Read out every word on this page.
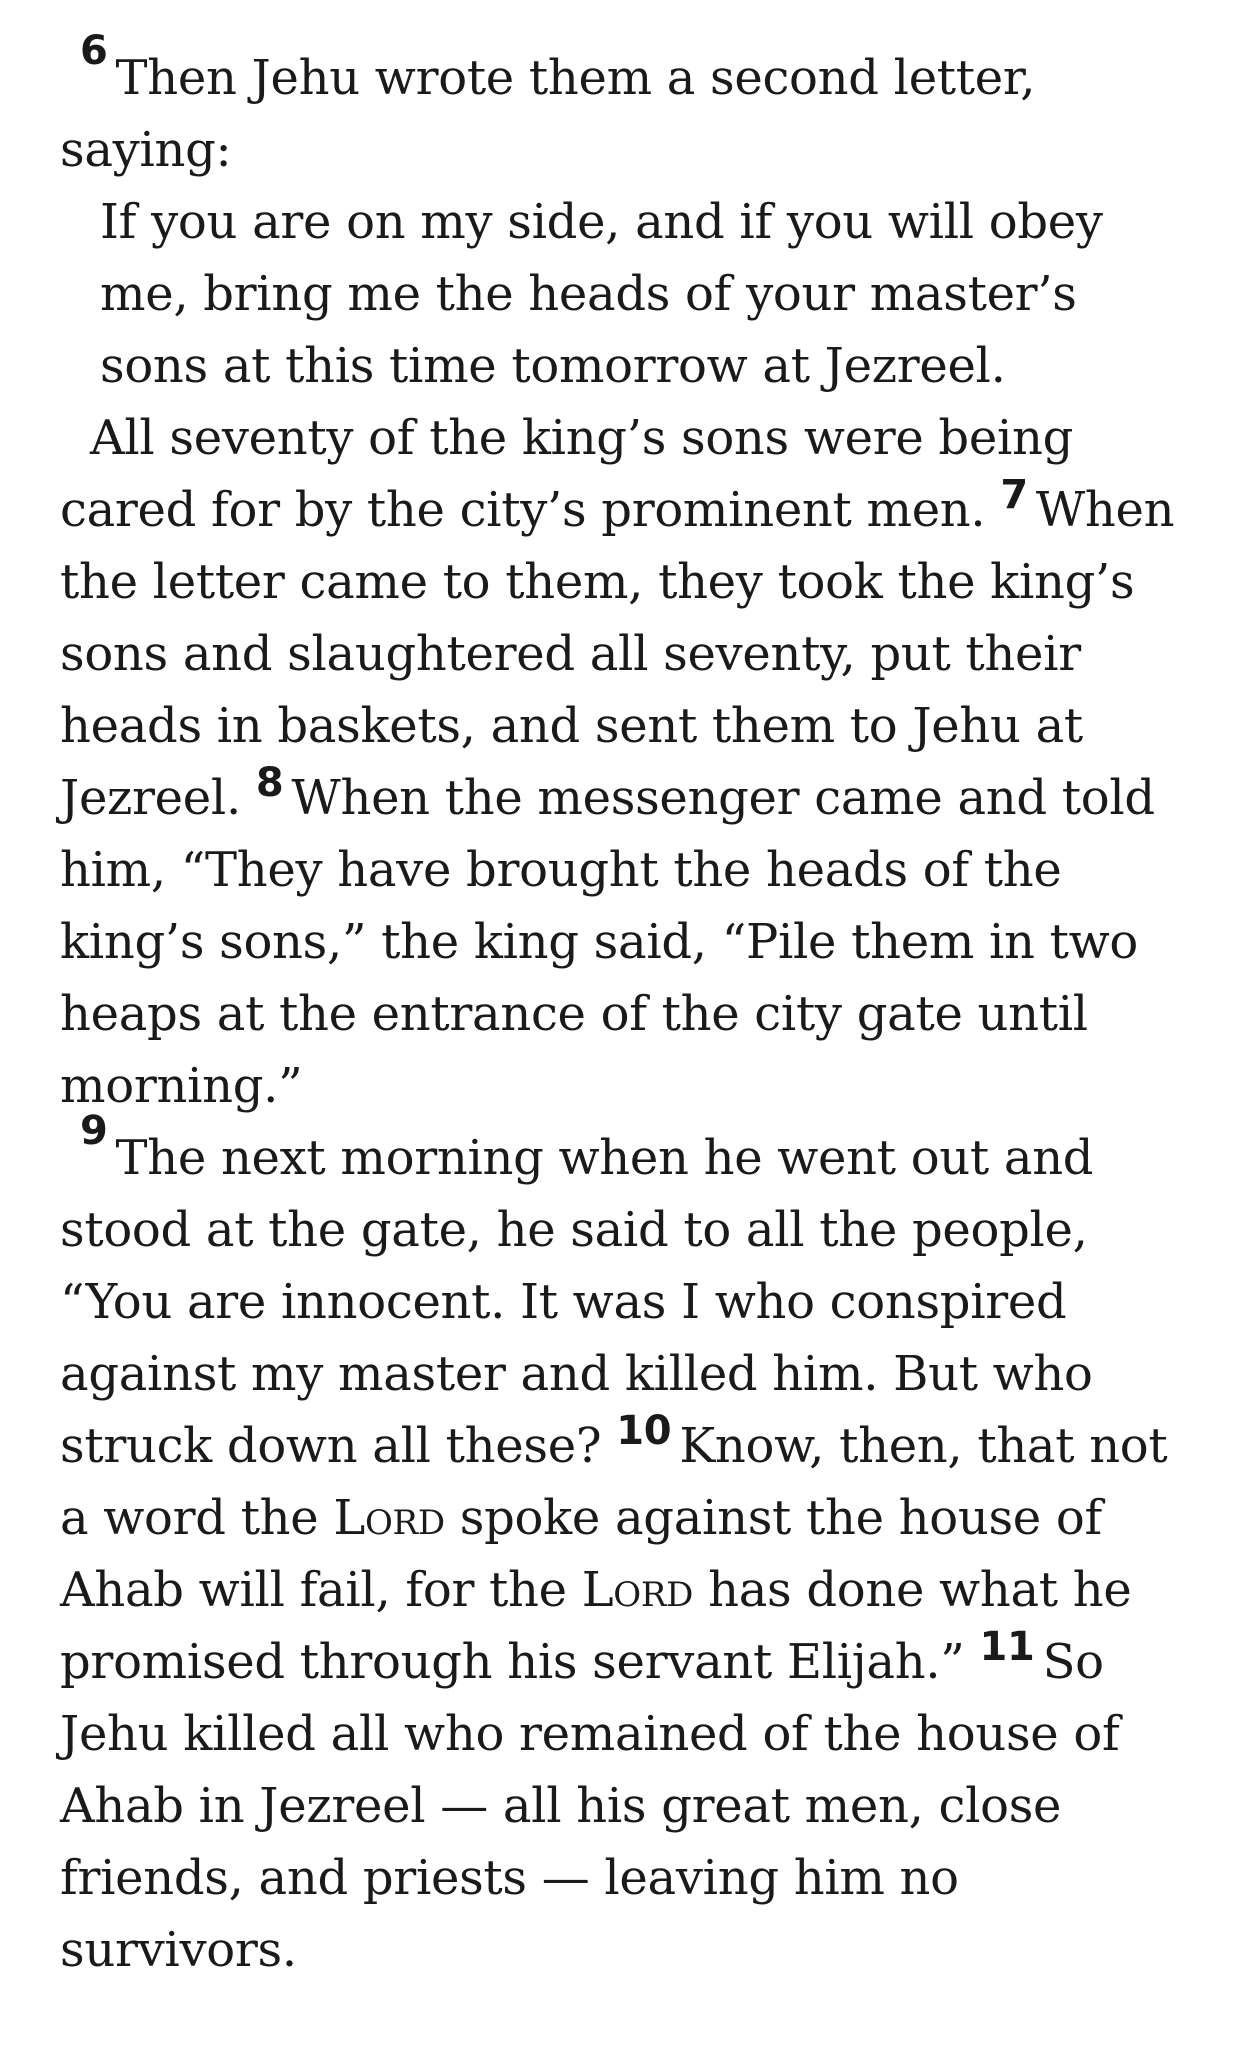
$^6$ Then Jehu wrote them a second letter, saying:

If you are on my side, and if you will obey me, bring me the heads of your master’s sons at this time tomorrow at Jezreel.

All seventy of the king’s sons were being cared for by the city’s prominent men. $^7$ When the letter came to them, they took the king’s sons and slaughtered all seventy, put their heads in baskets, and sent them to Jehu at Jezreel. $^8$ When the messenger came and told him, “They have brought the heads of the king’s sons,” the king said, “Pile them in two heaps at the entrance of the city gate until morning.”

$^9$ The next morning when he went out and stood at the gate, he said to all the people, “You are innocent. It was I who conspired against my master and killed him. But who struck down all these? $^{10}$ Know, then, that not a word the Lord spoke against the house of Ahab will fail, for the Lord has done what he promised through his servant Elijah.” $^{11}$ So Jehu killed all who remained of the house of Ahab in Jezreel — all his great men, close friends, and priests — leaving him no survivors.
